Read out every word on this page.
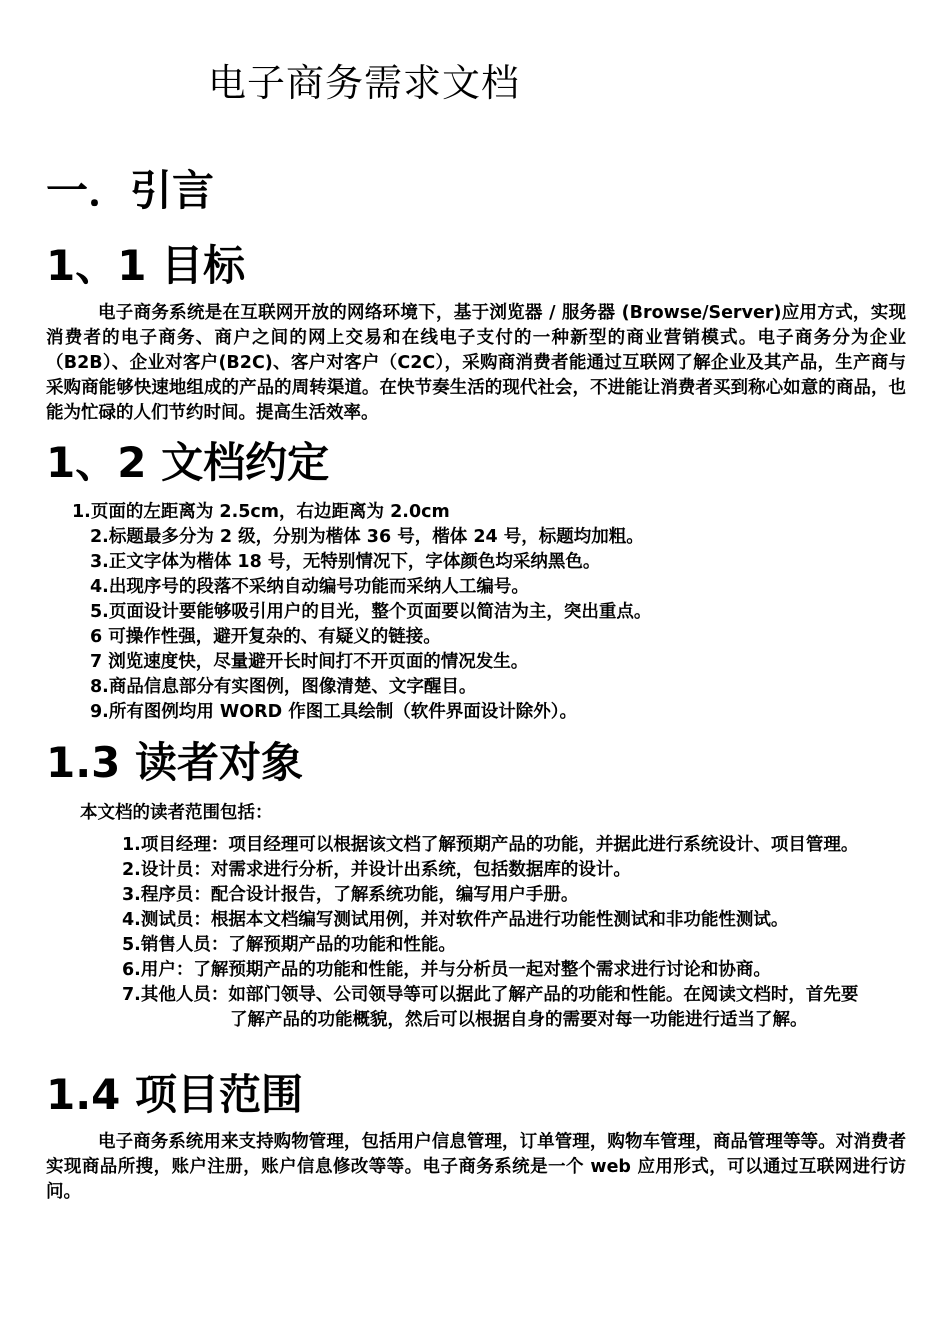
电子商务需求文档
一．引言
1、1 目标

电子商务系统是在互联网开放的网络环境下，基于浏览器 / 服务器 (Browse/Server)应用方式，实现消费者的电子商务、商户之间的网上交易和在线电子支付的一种新型的商业营销模式。电子商务分为企业（B2B）、企业对客户(B2C)、客户对客户（C2C），采购商消费者能通过互联网了解企业及其产品，生产商与采购商能够快速地组成的产品的周转渠道。在快节奏生活的现代社会，不进能让消费者买到称心如意的商品，也能为忙碌的人们节约时间。提高生活效率。

1、2 文档约定

1.页面的左距离为 2.5cm，右边距离为 2.0cm

2.标题最多分为 2 级，分别为楷体 36 号，楷体 24 号，标题均加粗。

3.正文字体为楷体 18 号，无特别情况下，字体颜色均采纳黑色。

4.出现序号的段落不采纳自动编号功能而采纳人工编号。

5.页面设计要能够吸引用户的目光，整个页面要以简洁为主，突出重点。

6 可操作性强，避开复杂的、有疑义的链接。

7 浏览速度快，尽量避开长时间打不开页面的情况发生。

8.商品信息部分有实图例，图像清楚、文字醒目。

9.所有图例均用 WORD 作图工具绘制（软件界面设计除外）。

1.3 读者对象

本文档的读者范围包括：

1.项目经理：项目经理可以根据该文档了解预期产品的功能，并据此进行系统设计、项目管理。

2.设计员：对需求进行分析，并设计出系统，包括数据库的设计。

3.程序员：配合设计报告，了解系统功能，编写用户手册。

4.测试员：根据本文档编写测试用例，并对软件产品进行功能性测试和非功能性测试。

5.销售人员：了解预期产品的功能和性能。

6.用户：了解预期产品的功能和性能，并与分析员一起对整个需求进行讨论和协商。

7.其他人员：如部门领导、公司领导等可以据此了解产品的功能和性能。在阅读文档时，首先要
了解产品的功能概貌，然后可以根据自身的需要对每一功能进行适当了解。
1.4 项目范围

电子商务系统用来支持购物管理，包括用户信息管理，订单管理，购物车管理，商品管理等等。对消费者实现商品所搜，账户注册，账户信息修改等等。电子商务系统是一个 web 应用形式，可以通过互联网进行访问。
